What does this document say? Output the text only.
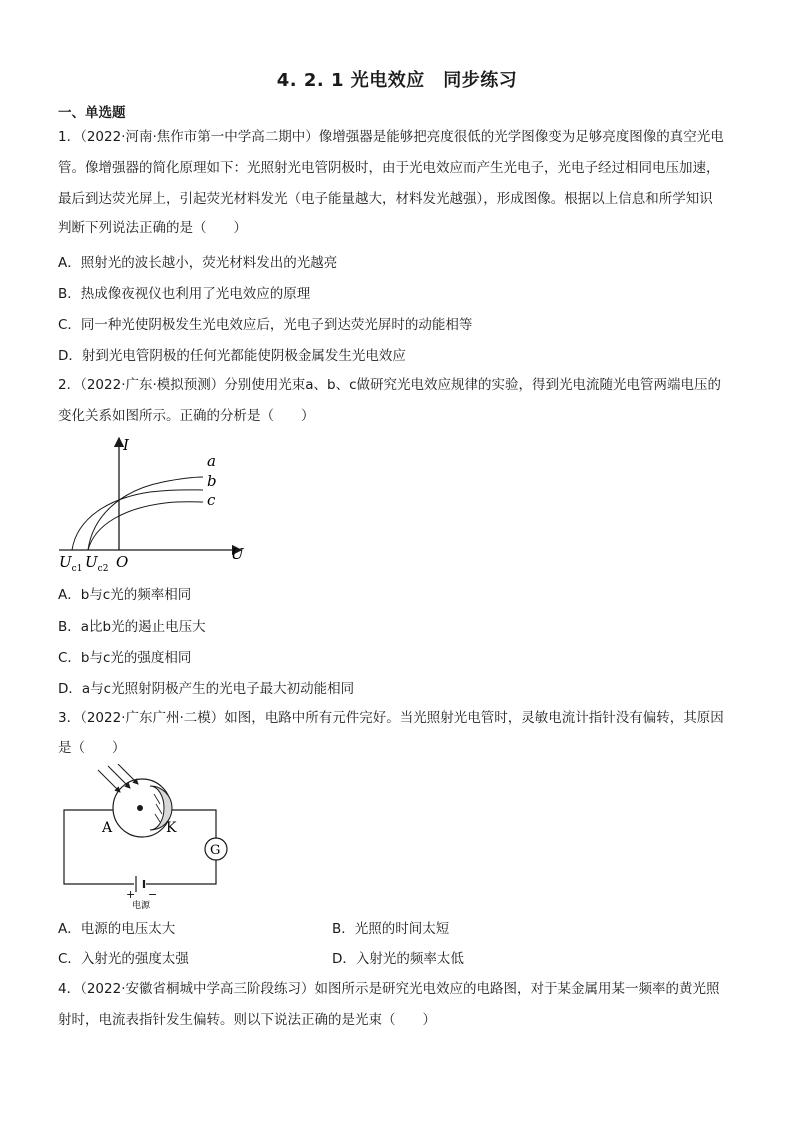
4. 2. 1 光电效应　同步练习
一、单选题
1．（2022·河南·焦作市第一中学高二期中）像增强器是能够把亮度很低的光学图像变为足够亮度图像的真空光电
管。像增强器的简化原理如下：光照射光电管阴极时，由于光电效应而产生光电子，光电子经过相同电压加速，
最后到达荧光屏上，引起荧光材料发光（电子能量越大，材料发光越强），形成图像。根据以上信息和所学知识
判断下列说法正确的是（　　）
A．照射光的波长越小，荧光材料发出的光越亮
B．热成像夜视仪也利用了光电效应的原理
C．同一种光使阴极发生光电效应后，光电子到达荧光屏时的动能相等
D．射到光电管阴极的任何光都能使阴极金属发生光电效应
2．（2022·广东·模拟预测）分别使用光束a、b、c做研究光电效应规律的实验，得到光电流随光电管两端电压的
变化关系如图所示。正确的分析是（　　）
I
a
b
c
U
O
$U_{c1}$ $U_{c2}$
A．b与c光的频率相同
B．a比b光的遏止电压大
C．b与c光的强度相同
D．a与c光照射阴极产生的光电子最大初动能相同
3．（2022·广东广州·二模）如图，电路中所有元件完好。当光照射光电管时，灵敏电流计指针没有偏转，其原因
是（　　）
G
+ −
电源
A	K
A．电源的电压太大	B．光照的时间太短
C．入射光的强度太强	D．入射光的频率太低
4．（2022·安徽省桐城中学高三阶段练习）如图所示是研究光电效应的电路图，对于某金属用某一频率的黄光照
射时，电流表指针发生偏转。则以下说法正确的是光束（　　）
